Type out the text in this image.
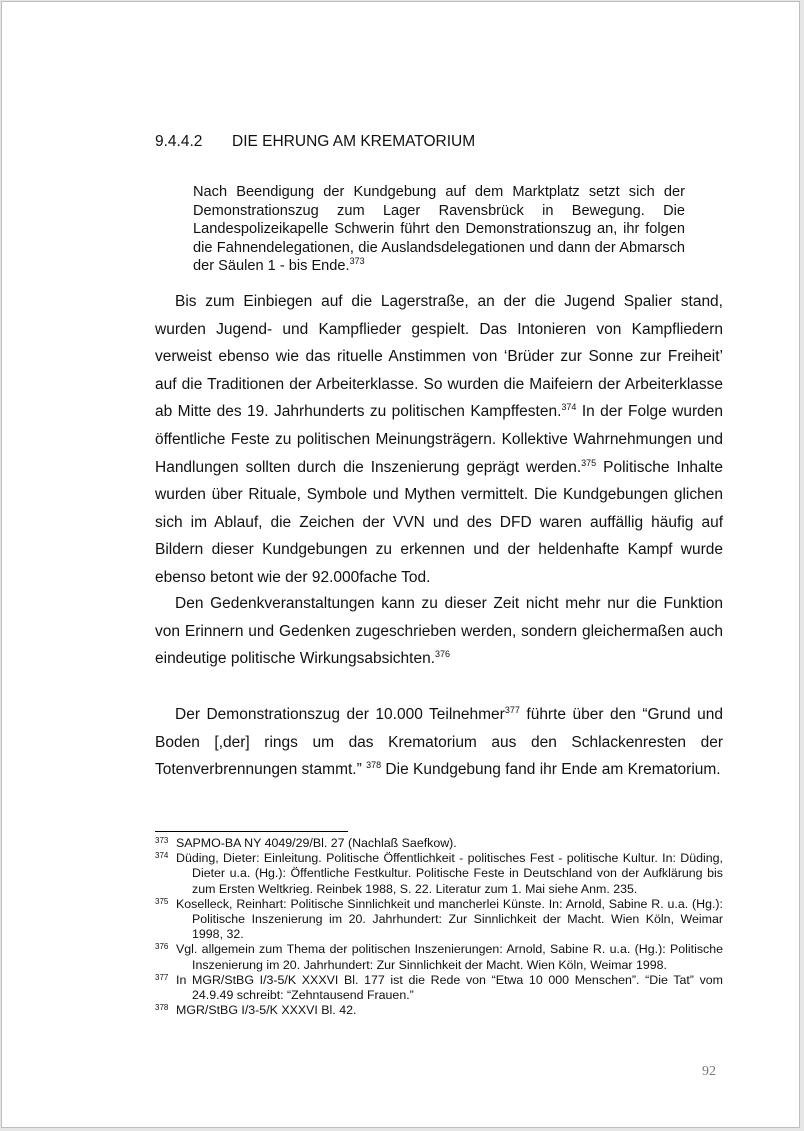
9.4.4.2 DIE EHRUNG AM KREMATORIUM

Nach Beendigung der Kundgebung auf dem Marktplatz setzt sich der Demonstrationszug zum Lager Ravensbrück in Bewegung. Die Landespolizeikapelle Schwerin führt den Demonstrationszug an, ihr folgen die Fahnendelegationen, die Auslandsdelegationen und dann der Abmarsch der Säulen 1 - bis Ende.$^{373}$

Bis zum Einbiegen auf die Lagerstraße, an der die Jugend Spalier stand, wurden Jugend- und Kampflieder gespielt. Das Intonieren von Kampfliedern verweist ebenso wie das rituelle Anstimmen von ‘Brüder zur Sonne zur Freiheit’ auf die Traditionen der Arbeiterklasse. So wurden die Maifeiern der Arbeiterklasse ab Mitte des 19. Jahrhunderts zu politischen Kampffesten.$^{374}$ In der Folge wurden öffentliche Feste zu politischen Meinungsträgern. Kollektive Wahrnehmungen und Handlungen sollten durch die Inszenierung geprägt werden.$^{375}$ Politische Inhalte wurden über Rituale, Symbole und Mythen vermittelt. Die Kundgebungen glichen sich im Ablauf, die Zeichen der VVN und des DFD waren auffällig häufig auf Bildern dieser Kundgebungen zu erkennen und der heldenhafte Kampf wurde ebenso betont wie der 92.000fache Tod.

Den Gedenkveranstaltungen kann zu dieser Zeit nicht mehr nur die Funktion von Erinnern und Gedenken zugeschrieben werden, sondern gleichermaßen auch eindeutige politische Wirkungsabsichten.$^{376}$

Der Demonstrationszug der 10.000 Teilnehmer$^{377}$ führte über den “Grund und Boden [,der] rings um das Krematorium aus den Schlackenresten der Totenverbrennungen stammt.” $^{378}$ Die Kundgebung fand ihr Ende am Krematorium.

$^{373}$ SAPMO-BA NY 4049/29/Bl. 27 (Nachlaß Saefkow).
$^{374}$ Düding, Dieter: Einleitung. Politische Öffentlichkeit - politisches Fest - politische Kultur. In: Düding, Dieter u.a. (Hg.): Öffentliche Festkultur. Politische Feste in Deutschland von der Aufklärung bis zum Ersten Weltkrieg. Reinbek 1988, S. 22. Literatur zum 1. Mai siehe Anm. 235.
$^{375}$ Koselleck, Reinhart: Politische Sinnlichkeit und mancherlei Künste. In: Arnold, Sabine R. u.a. (Hg.): Politische Inszenierung im 20. Jahrhundert: Zur Sinnlichkeit der Macht. Wien Köln, Weimar 1998, 32.
$^{376}$ Vgl. allgemein zum Thema der politischen Inszenierungen: Arnold, Sabine R. u.a. (Hg.): Politische Inszenierung im 20. Jahrhundert: Zur Sinnlichkeit der Macht. Wien Köln, Weimar 1998.
$^{377}$ In MGR/StBG I/3-5/K XXXVI Bl. 177 ist die Rede von “Etwa 10 000 Menschen”. “Die Tat” vom 24.9.49 schreibt: “Zehntausend Frauen.”
$^{378}$ MGR/StBG I/3-5/K XXXVI Bl. 42.
92
